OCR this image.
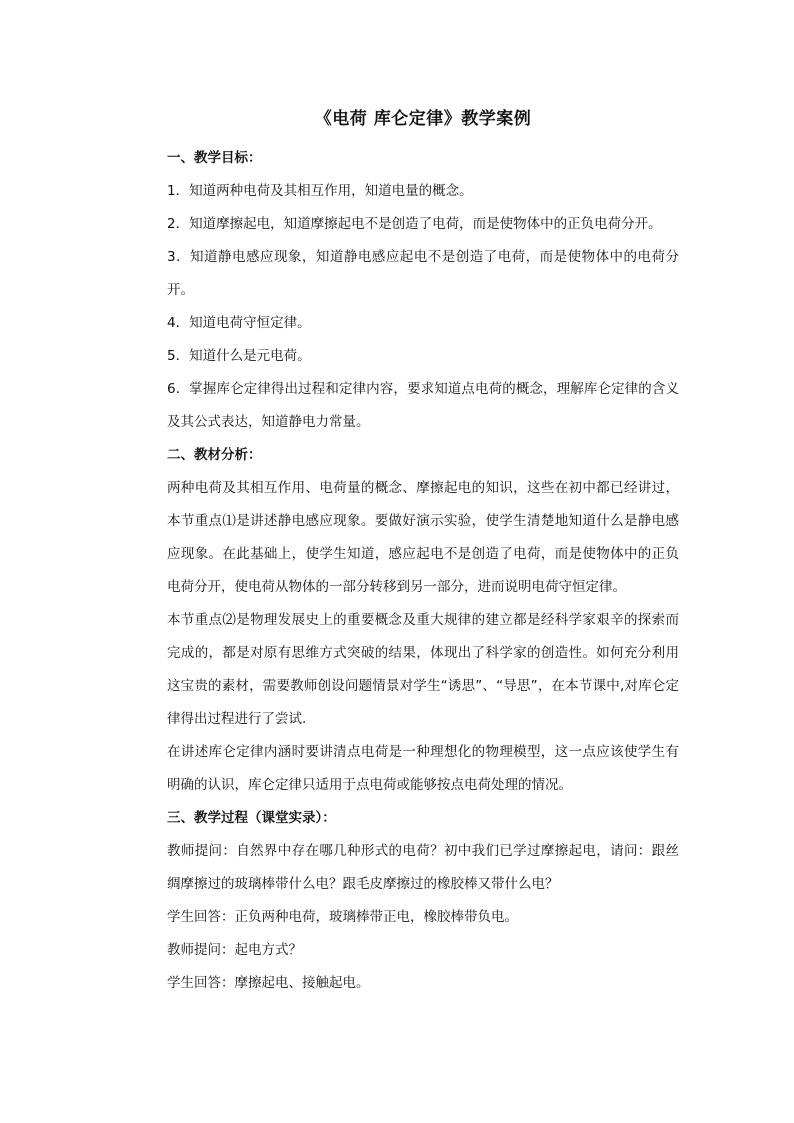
《电荷 库仑定律》教学案例
一、教学目标：

1．知道两种电荷及其相互作用，知道电量的概念。

2．知道摩擦起电，知道摩擦起电不是创造了电荷，而是使物体中的正负电荷分开。

3．知道静电感应现象，知道静电感应起电不是创造了电荷，而是使物体中的电荷分开。

4．知道电荷守恒定律。

5．知道什么是元电荷。

6．掌握库仑定律得出过程和定律内容，要求知道点电荷的概念，理解库仑定律的含义及其公式表达，知道静电力常量。

二、教材分析：

两种电荷及其相互作用、电荷量的概念、摩擦起电的知识，这些在初中都已经讲过，本节重点⑴是讲述静电感应现象。要做好演示实验，使学生清楚地知道什么是静电感应现象。在此基础上，使学生知道，感应起电不是创造了电荷，而是使物体中的正负电荷分开，使电荷从物体的一部分转移到另一部分，进而说明电荷守恒定律。

本节重点⑵是物理发展史上的重要概念及重大规律的建立都是经科学家艰辛的探索而完成的，都是对原有思维方式突破的结果，体现出了科学家的创造性。如何充分利用这宝贵的素材，需要教师创设问题情景对学生“诱思”、“导思”，在本节课中,对库仑定律得出过程进行了尝试.

在讲述库仑定律内涵时要讲清点电荷是一种理想化的物理模型，这一点应该使学生有明确的认识，库仑定律只适用于点电荷或能够按点电荷处理的情况。

三、教学过程（课堂实录）：

教师提问：自然界中存在哪几种形式的电荷？初中我们已学过摩擦起电，请问：跟丝绸摩擦过的玻璃棒带什么电？跟毛皮摩擦过的橡胶棒又带什么电？

学生回答：正负两种电荷，玻璃棒带正电，橡胶棒带负电。

教师提问：起电方式？

学生回答：摩擦起电、接触起电。
